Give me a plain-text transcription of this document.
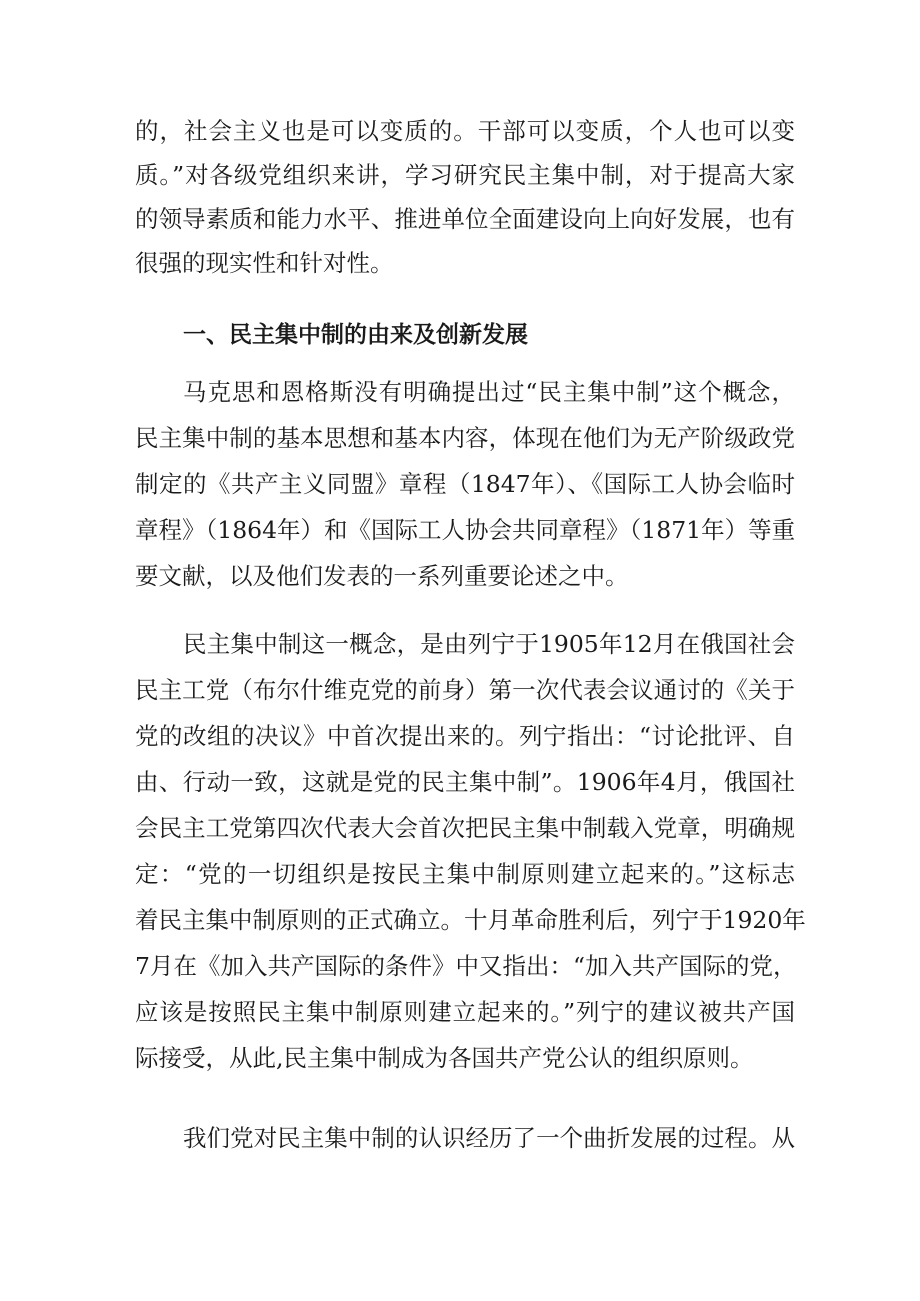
的，社会主义也是可以变质的。干部可以变质，个人也可以变
质。”对各级党组织来讲，学习研究民主集中制，对于提高大家
的领导素质和能力水平、推进单位全面建设向上向好发展，也有
很强的现实性和针对性。
一、民主集中制的由来及创新发展
马克思和恩格斯没有明确提出过“民主集中制”这个概念，
民主集中制的基本思想和基本内容，体现在他们为无产阶级政党
制定的《共产主义同盟》章程（1847年）、《国际工人协会临时
章程》（1864年）和《国际工人协会共同章程》（1871年）等重
要文献，以及他们发表的一系列重要论述之中。
民主集中制这一概念，是由列宁于1905年12月在俄国社会
民主工党（布尔什维克党的前身）第一次代表会议通讨的《关于
党的改组的决议》中首次提出来的。列宁指出：“讨论批评、自
由、行动一致，这就是党的民主集中制”。1906年4月，俄国社
会民主工党第四次代表大会首次把民主集中制载入党章，明确规
定：“党的一切组织是按民主集中制原则建立起来的。”这标志
着民主集中制原则的正式确立。十月革命胜利后，列宁于1920年
7月在《加入共产国际的条件》中又指出：“加入共产国际的党，
应该是按照民主集中制原则建立起来的。”列宁的建议被共产国
际接受，从此,民主集中制成为各国共产党公认的组织原则。
我们党对民主集中制的认识经历了一个曲折发展的过程。从
